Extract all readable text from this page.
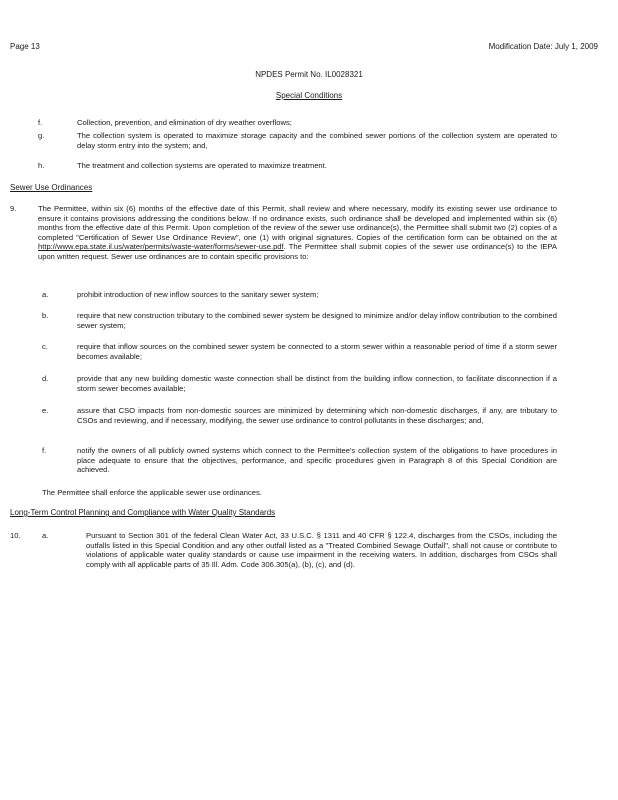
Page 13	Modification Date: July 1, 2009
NPDES Permit No. IL0028321
Special Conditions
f.	Collection, prevention, and elimination of dry weather overflows;
g.	The collection system is operated to maximize storage capacity and the combined sewer portions of the collection system are operated to delay storm entry into the system; and,
h.	The treatment and collection systems are operated to maximize treatment.
Sewer Use Ordinances
9.	The Permittee, within six (6) months of the effective date of this Permit, shall review and where necessary, modify its existing sewer use ordinance to ensure it contains provisions addressing the conditions below. If no ordinance exists, such ordinance shall be developed and implemented within six (6) months from the effective date of this Permit. Upon completion of the review of the sewer use ordinance(s), the Permittee shall submit two (2) copies of a completed "Certification of Sewer Use Ordinance Review", one (1) with original signatures. Copies of the certification form can be obtained on the at http://www.epa.state.il.us/water/permits/waste-water/forms/sewer-use.pdf. The Permittee shall submit copies of the sewer use ordinance(s) to the IEPA upon written request. Sewer use ordinances are to contain specific provisions to:
a.	prohibit introduction of new inflow sources to the sanitary sewer system;
b.	require that new construction tributary to the combined sewer system be designed to minimize and/or delay inflow contribution to the combined sewer system;
c.	require that inflow sources on the combined sewer system be connected to a storm sewer within a reasonable period of time if a storm sewer becomes available;
d.	provide that any new building domestic waste connection shall be distinct from the building inflow connection, to facilitate disconnection if a storm sewer becomes available;
e.	assure that CSO impacts from non-domestic sources are minimized by determining which non-domestic discharges, if any, are tributary to CSOs and reviewing, and if necessary, modifying, the sewer use ordinance to control pollutants in these discharges; and,
f.	notify the owners of all publicly owned systems which connect to the Permittee's collection system of the obligations to have procedures in place adequate to ensure that the objectives, performance, and specific procedures given in Paragraph 8 of this Special Condition are achieved.
The Permittee shall enforce the applicable sewer use ordinances.
Long-Term Control Planning and Compliance with Water Quality Standards
10.	a.	Pursuant to Section 301 of the federal Clean Water Act, 33 U.S.C. § 1311 and 40 CFR § 122.4, discharges from the CSOs, including the outfalls listed in this Special Condition and any other outfall listed as a "Treated Combined Sewage Outfall", shall not cause or contribute to violations of applicable water quality standards or cause use impairment in the receiving waters. In addition, discharges from CSOs shall comply with all applicable parts of 35 Ill. Adm. Code 306.305(a), (b), (c), and (d).
